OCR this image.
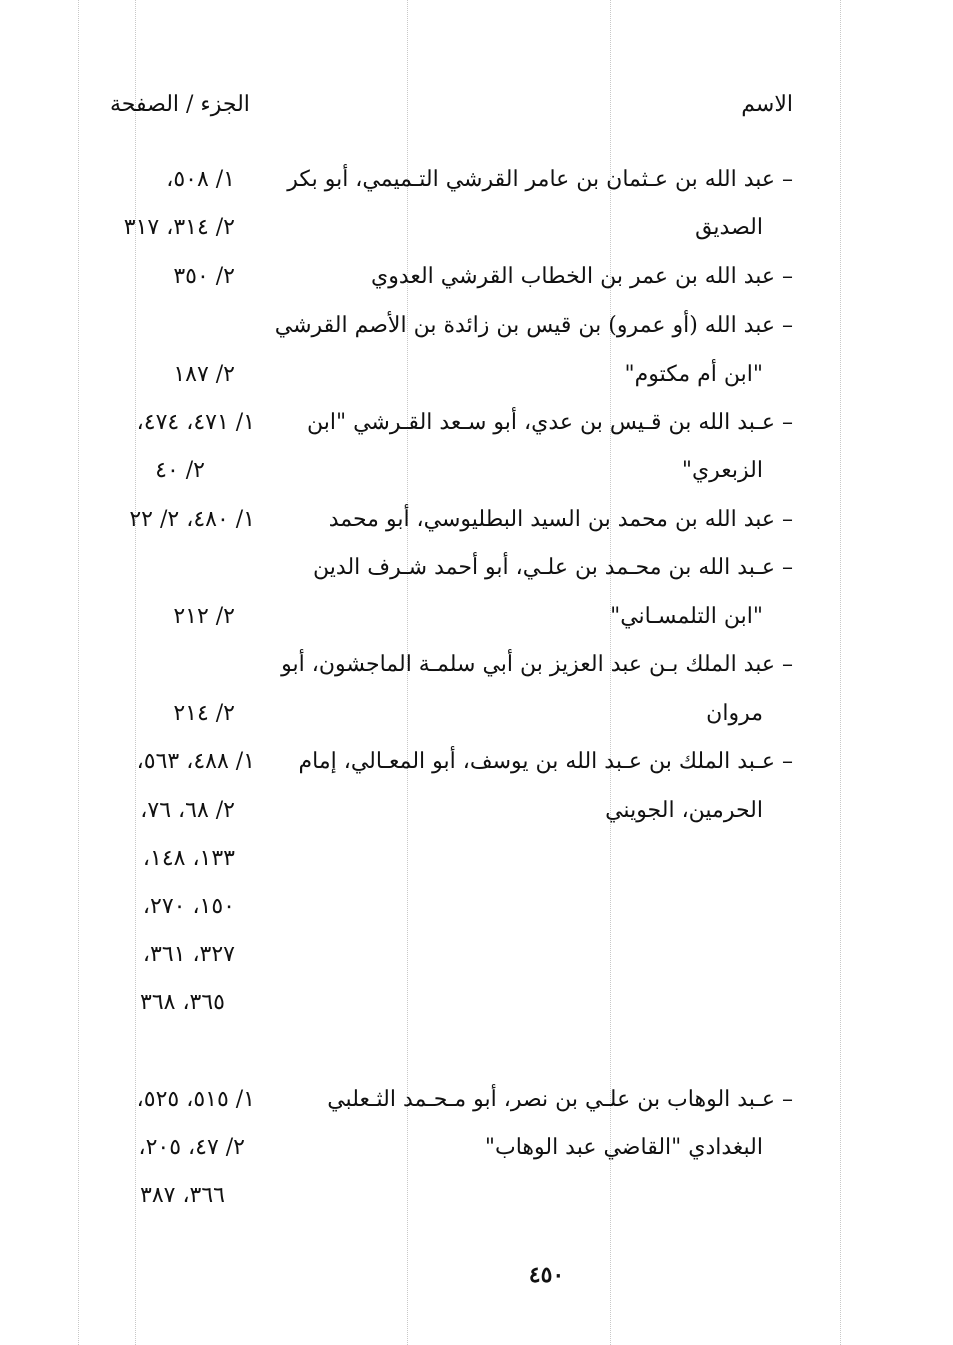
الاسم
الجزء / الصفحة
– عبد الله بن عـثمان بن عامر القرشي التـميمي، أبو بكر
الصديق
١/ ٥٠٨،
٢/ ٣١٤، ٣١٧
– عبد الله بن عمر بن الخطاب القرشي العدوي
٢/ ٣٥٠
– عبد الله (أو عمرو) بن قيس بن زائدة بن الأصم القرشي
"ابن أم مكتوم"
٢/ ١٨٧
– عـبد الله بن قـيس بن عدي، أبو سـعد القـرشي "ابن
الزبعري"
١/ ٤٧١، ٤٧٤،
٢/ ٤٠
– عبد الله بن محمد بن السيد البطليوسي، أبو محمد
١/ ٤٨٠، ٢/ ٢٢
– عـبد الله بن محـمد بن علـي، أبو أحمد شـرف الدين
"ابن التلمسـاني"
٢/ ٢١٢
– عبد الملك بـن عبد العزيز بن أبي سلمـة الماجشون، أبو
مروان
٢/ ٢١٤
– عـبد الملك بن عـبد الله بن يوسف، أبو المعـالي، إمام
الحرمين، الجويني
١/ ٤٨٨، ٥٦٣،
٢/ ٦٨، ٧٦،
١٣٣، ١٤٨،
١٥٠، ٢٧٠،
٣٢٧، ٣٦١،
٣٦٥، ٣٦٨
– عـبد الوهاب بن علـي بن نصر، أبو مـحـمد الثـعلبي
البغدادي "القاضي عبد الوهاب"
١/ ٥١٥، ٥٢٥،
٢/ ٤٧، ٢٠٥،
٣٦٦، ٣٨٧
٤٥٠
